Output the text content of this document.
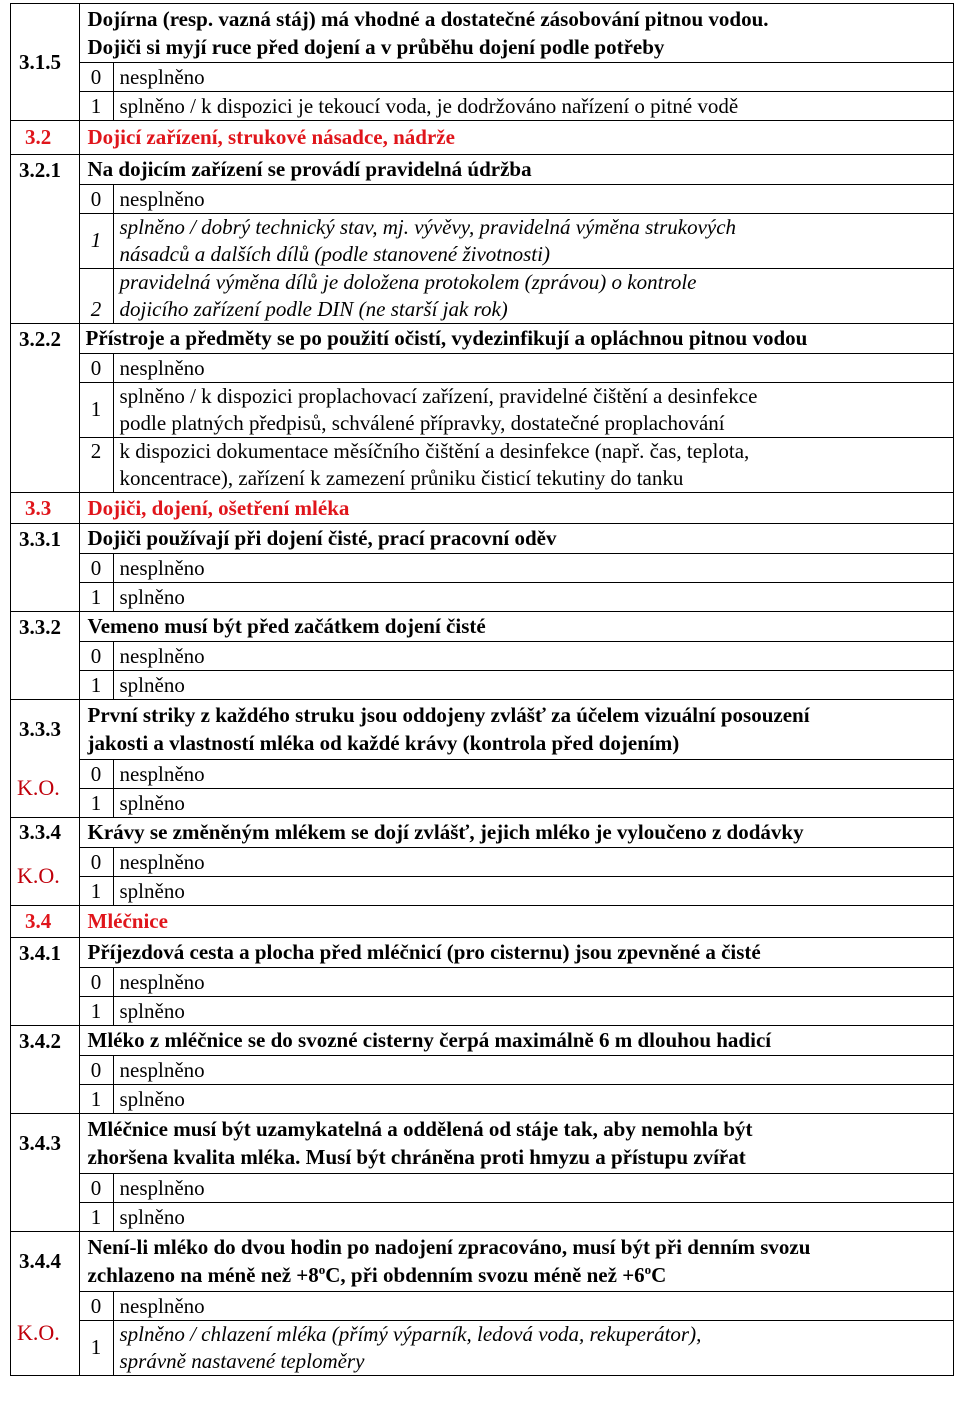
3.1.5	Dojírna (resp. vazná stáj) má vhodné a dostatečné zásobování pitnou vodou.
Dojiči si myjí ruce před dojení a v průběhu dojení podle potřeby	

	0	nesplněno
	1	splněno / k dispozici je tekoucí voda, je dodržováno nařízení o pitné vodě
3.2	Dojicí zařízení, strukové násadce, nádrže	
3.2.1	Na dojicím zařízení se provádí pravidelná údržba	
	0	nesplněno
	1	splněno / dobrý technický stav, mj. vývěvy, pravidelná výměna strukových
násadců a dalších dílů (podle stanovené životnosti)

	2	pravidelná výměna dílů je doložena protokolem (zprávou) o kontrole
dojicího zařízení podle DIN (ne starší jak rok)

3.2.2	Přístroje a předměty se po použití očistí, vydezinfikují a opláchnou pitnou vodou	
	0	nesplněno
	1	splněno / k dispozici proplachovací zařízení, pravidelné čištění a desinfekce
podle platných předpisů, schválené přípravky, dostatečné proplachování

	2	k dispozici dokumentace měsíčního čištění a desinfekce (např. čas, teplota,
koncentrace), zařízení k zamezení průniku čisticí tekutiny do tanku

3.3	Dojiči, dojení, ošetření mléka	
3.3.1	Dojiči používají při dojení čisté, prací pracovní oděv	
	0	nesplněno
	1	splněno
3.3.2	Vemeno musí být před začátkem dojení čisté	
	0	nesplněno
	1	splněno
3.3.3	První striky z každého struku jsou oddojeny zvlášť za účelem vizuální posouzení
jakosti a vlastností mléka od každé krávy (kontrola před dojením)	

K.O.	0	nesplněno
	1	splněno
3.3.4	Krávy se změněným mlékem se dojí zvlášť, jejich mléko je vyloučeno z dodávky	
K.O.	0	nesplněno
	1	splněno
3.4	Mléčnice	
3.4.1	Příjezdová cesta a plocha před mléčnicí (pro cisternu) jsou zpevněné a čisté	
	0	nesplněno
	1	splněno
3.4.2	Mléko z mléčnice se do svozné cisterny čerpá maximálně 6 m dlouhou hadicí	
	0	nesplněno
	1	splněno
3.4.3	Mléčnice musí být uzamykatelná a oddělená od stáje tak, aby nemohla být
zhoršena kvalita mléka. Musí být chráněna proti hmyzu a přístupu zvířat	

	0	nesplněno
	1	splněno
3.4.4	Není-li mléko do dvou hodin po nadojení zpracováno, musí být při denním svozu
zchlazeno na méně než $+8^oC$, při obdenním svozu méně než $+6^oC$	

K.O.	0	nesplněno
	1	splněno / chlazení mléka (přímý výparník, ledová voda, rekuperátor),
správně nastavené teploměry
